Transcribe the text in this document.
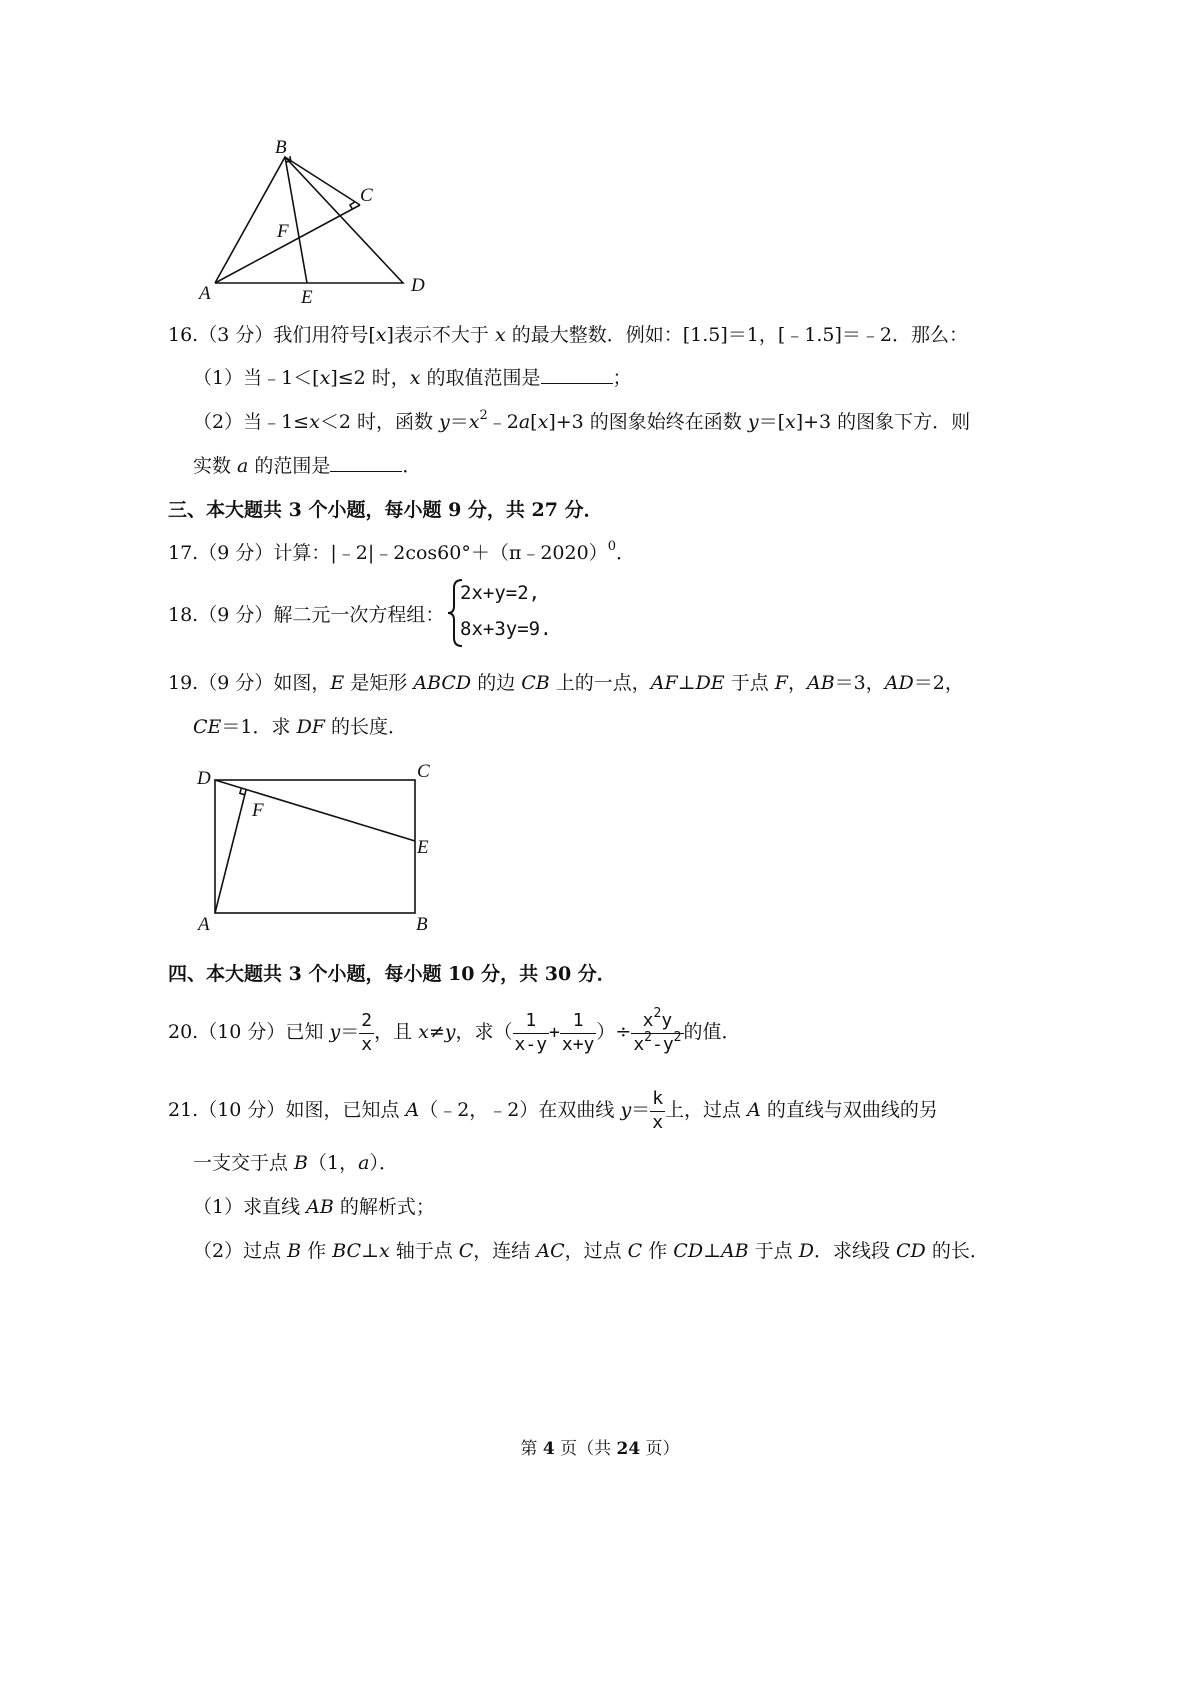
B
C
F
A	E
D
16.（3 分）我们用符号[x]表示不大于 x 的最大整数．例如：[1.5]＝1，[﹣1.5]＝﹣2．那么：
（1）当﹣1＜[x]≤2 时，x 的取值范围是	；
（2）当﹣1≤x＜2 时，函数 $y=x^2﹣2a[x]+3$ 的图象始终在函数 y＝[x]+3 的图象下方．则
实数 a 的范围是	．
三、本大题共 3 个小题，每小题 9 分，共 27 分．
17.（9 分）计算：|﹣2|﹣2cos60°＋（π﹣2020）$^0$．
18.（9 分）解二元一次方程组：
2x+y=2,
8x+3y=9.
19.（9 分）如图，E 是矩形 ABCD 的边 CB 上的一点，AF⊥DE 于点 F，AB＝3，AD＝2，
CE＝1．求 DF 的长度．
D	C
F
E
A	B
四、本大题共 3 个小题，每小题 10 分，共 30 分．
20.（10 分）已知 $y= \frac{2}{x}$ ，且 x≠y，求（ $\frac{1}{x-y} + \frac{1}{x+y}$ ）÷ $\frac{x^2y}{x^2-y^2}$ 的值．
21.（10 分）如图，已知点 A（﹣2，﹣2）在双曲线 $y= \frac{k}{x}$ 上，过点 A 的直线与双曲线的另
一支交于点 B（1，a）．
（1）求直线 AB 的解析式；
（2）过点 B 作 BC⊥x 轴于点 C，连结 AC，过点 C 作 CD⊥AB 于点 D．求线段 CD 的长．
第 4 页（共 24 页）
